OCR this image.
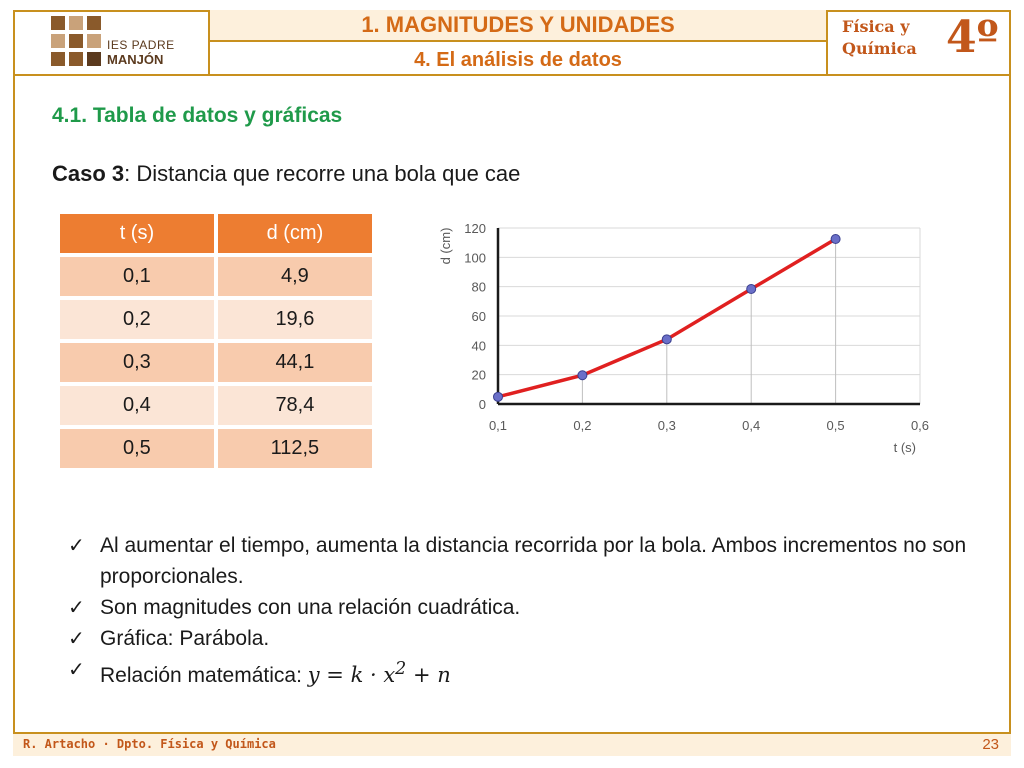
IES PADRE
MANJÓN
1. MAGNITUDES Y UNIDADES
4. El análisis de datos
Física y
Química 4º
4.1. Tabla de datos y gráficas
Caso 3: Distancia que recorre una bola que cae
t (s)	d (cm)
0,1	4,9
0,2	19,6
0,3	44,1
0,4	78,4
0,5	112,5
0
20
40
60
80
100
120
0,1	0,2	0,3	0,4	0,5	0,6
t (s)
d (cm)
✓ Al aumentar el tiempo, aumenta la distancia recorrida por la bola. Ambos incrementos no son proporcionales.
✓ Son magnitudes con una relación cuadrática.
✓ Gráfica: Parábola.
✓ Relación matemática: $y = k \cdot x^2 + n$
R. Artacho · Dpto. Física y Química	23
